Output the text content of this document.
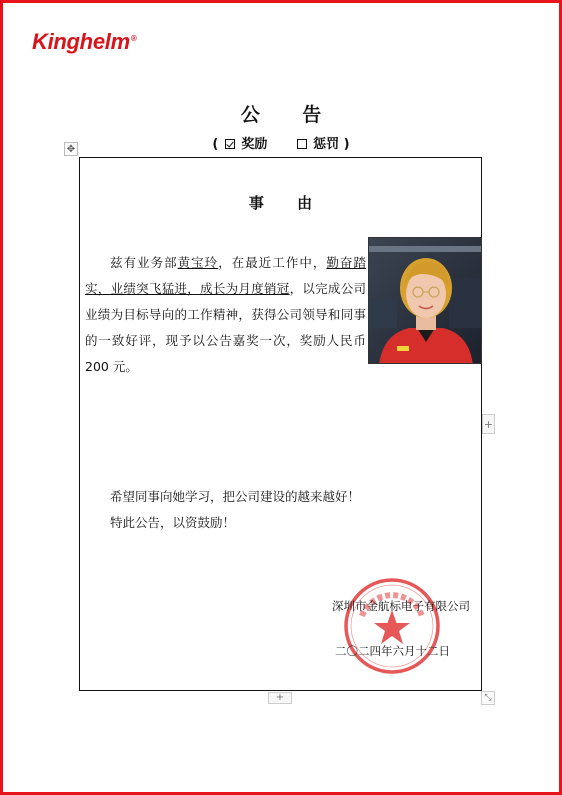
Kinghelm®
公 告
( 奖励	惩罚 )
✥
事 由
兹有业务部黄宝玲，在最近工作中，勤奋踏实，业绩突飞猛进，成长为月度销冠，以完成公司业绩为目标导向的工作精神，获得公司领导和同事的一致好评，现予以公告嘉奖一次，奖励人民币 200 元。
希望同事向她学习，把公司建设的越来越好！
特此公告，以资鼓励！
深圳市金航标电子有限公司
二〇二四年六月十二日
+
+	⤡
